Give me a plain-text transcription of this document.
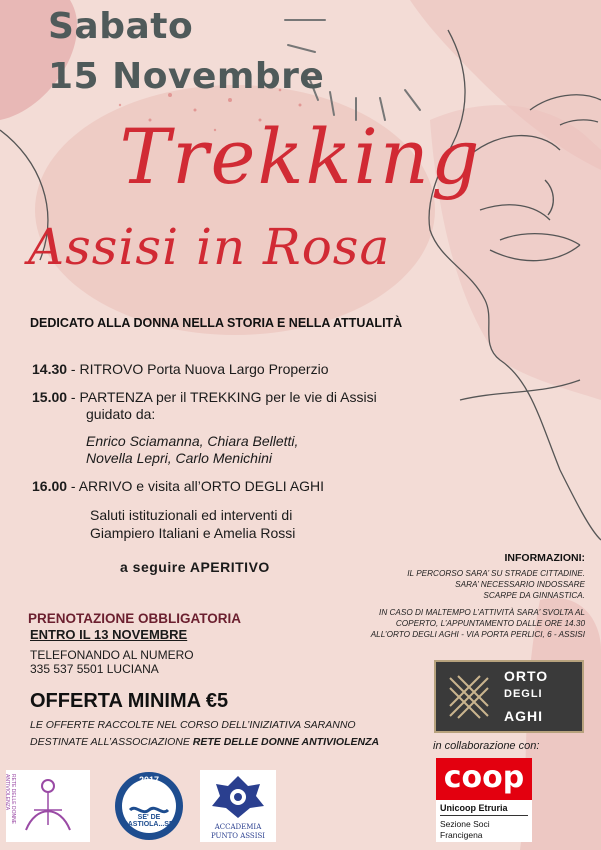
Sabato
15 Novembre
Trekking
Assisi in Rosa
DEDICATO ALLA DONNA NELLA STORIA E NELLA ATTUALITÀ
14.30 - RITROVO Porta Nuova Largo Properzio
15.00 - PARTENZA per il TREKKING per le vie di Assisi
guidato da:
Enrico Sciamanna, Chiara Belletti,
Novella Lepri, Carlo Menichini
16.00 - ARRIVO e visita all’ORTO DEGLI AGHI
Saluti istituzionali ed interventi di
Giampiero Italiani e Amelia Rossi
a seguire APERITIVO
INFORMAZIONI:
IL PERCORSO SARA’ SU STRADE CITTADINE.
SARA’ NECESSARIO INDOSSARE
SCARPE DA GINNASTICA.
IN CASO DI MALTEMPO L’ATTIVITÀ SARA’ SVOLTA AL
COPERTO, L’APPUNTAMENTO DALLE ORE 14.30
ALL’ORTO DEGLI AGHI - VIA PORTA PERLICI, 6 - ASSISI
PRENOTAZIONE OBBLIGATORIA
ENTRO IL 13 NOVEMBRE
TELEFONANDO AL NUMERO
335 537 5501 LUCIANA
OFFERTA MINIMA €5
LE OFFERTE RACCOLTE NEL CORSO DELL’INIZIATIVA SARANNO
DESTINATE ALL’ASSOCIAZIONE RETE DELLE DONNE ANTIVIOLENZA
ORTO
DEGLI
AGHI
in collaborazione con:
coop
Unicoop Etruria
Sezione Soci
Francigena
RETE DELLE DONNE ANTIVIOLENZA	2017
SE' DE BASTIOLA...SE'	ACCADEMIA
PUNTO ASSISI
